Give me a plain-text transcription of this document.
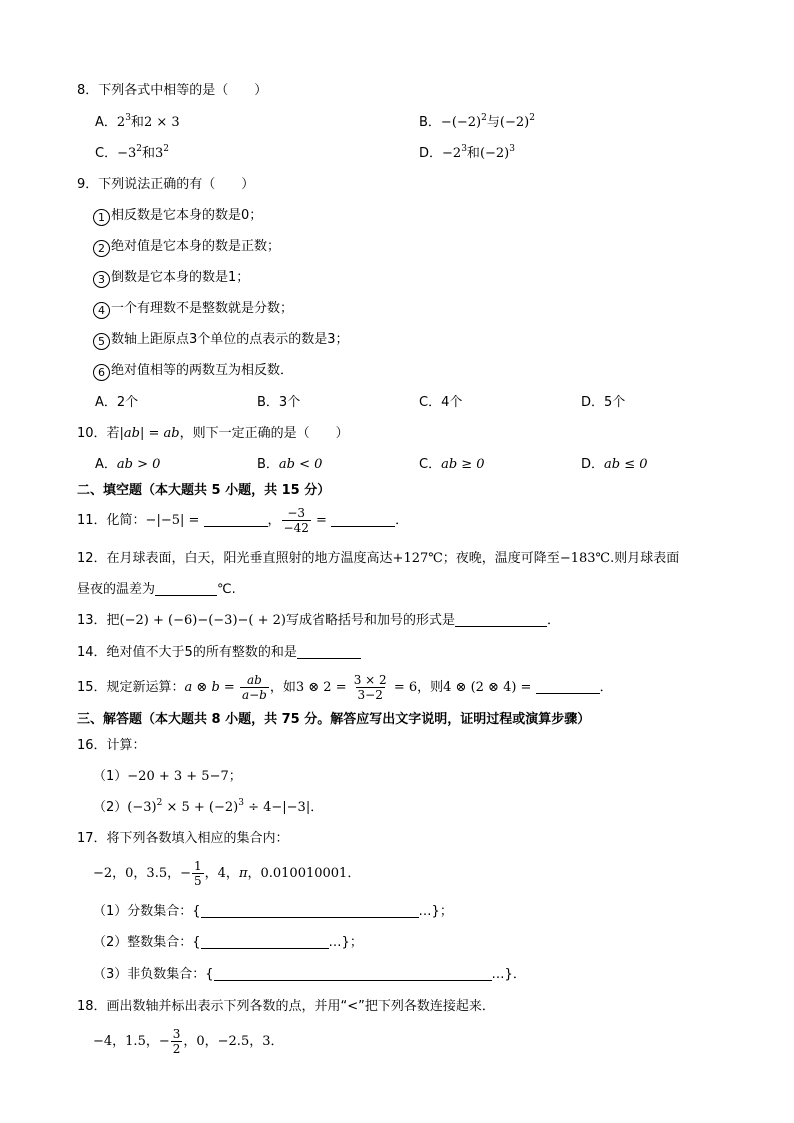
8．下列各式中相等的是（　　）
A．$2^3$和2 × 3	B．$-(-2)^2$与$(-2)^2$
C．$-3^2$和$3^2$	D．$-2^3$和$(-2)^3$
9．下列说法正确的有（　　）
1 相反数是它本身的数是0；
2 绝对值是它本身的数是正数；
3 倒数是它本身的数是1；
4 一个有理数不是整数就是分数；
5 数轴上距原点3个单位的点表示的数是3；
6 绝对值相等的两数互为相反数．
A．2个	B．3个	C．4个	D．5个
10．若|ab| = ab，则下一定正确的是（　　）
A．ab > 0	B．ab < 0	C．ab ≥ 0	D．ab ≤ 0
二、填空题（本大题共 5 小题，共 15 分）
11．化简：−|−5| =	， $\frac{-3}{-42}$ =	．
12．在月球表面，白天，阳光垂直照射的地方温度高达+127℃；夜晚，温度可降至−183℃.则月球表面
昼夜的温差为	℃.
13．把(−2) + (−6)−(−3)−( + 2)写成省略括号和加号的形式是	．
14．绝对值不大于5的所有整数的和是
15．规定新运算：a ⊗ $b = \frac{ab}{a-b}$ ，如3 ⊗ $2 = \frac{3 \times 2}{3-2} = 6$，则4 ⊗ (2 ⊗ 4) =	．
三、解答题（本大题共 8 小题，共 75 分。解答应写出文字说明，证明过程或演算步骤）
16．计算：
（1）−20 + 3 + 5−7；
$(2)(-3)^2 \times 5 + (-2)^3 \div 4-|-3|$．
17．将下列各数填入相应的集合内：
−2，0，3.5，− $\frac{1}{5}$ ，4，π，0.010010001．
（1）分数集合：{	…}；
（2）整数集合：{	…}；
（3）非负数集合：{	…}．
18．画出数轴并标出表示下列各数的点，并用“<”把下列各数连接起来．
−4，1.5，− $\frac{3}{2}$ ，0，−2.5，3．
